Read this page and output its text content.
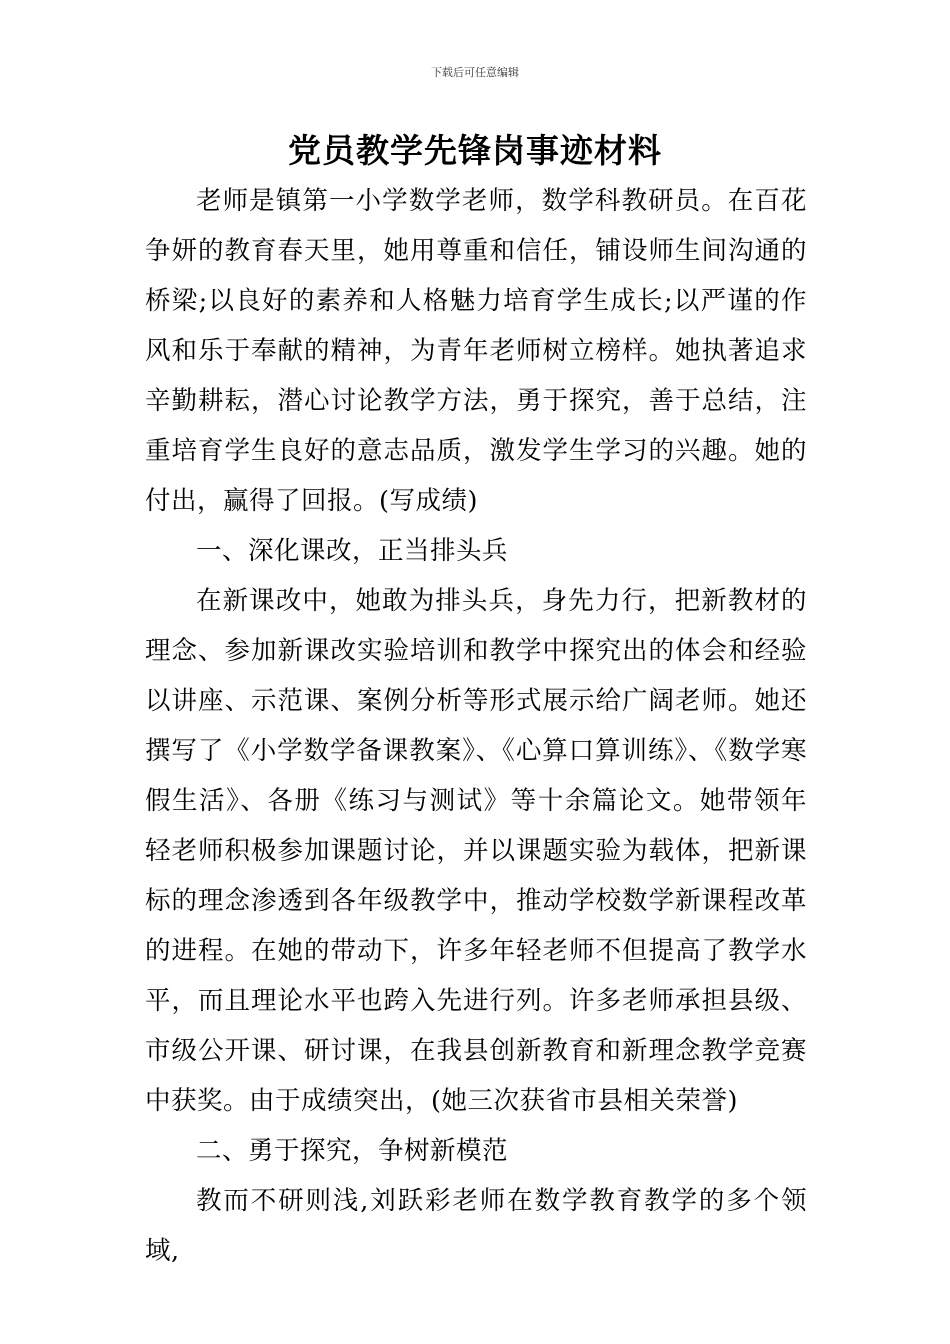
下载后可任意编辑
党员教学先锋岗事迹材料

老师是镇第一小学数学老师，数学科教研员。在百花争妍的教育春天里，她用尊重和信任，铺设师生间沟通的桥梁;以良好的素养和人格魅力培育学生成长;以严谨的作风和乐于奉献的精神，为青年老师树立榜样。她执著追求辛勤耕耘，潜心讨论教学方法，勇于探究，善于总结，注重培育学生良好的意志品质，激发学生学习的兴趣。她的付出，赢得了回报。(写成绩)

一、深化课改，正当排头兵

在新课改中，她敢为排头兵，身先力行，把新教材的理念、参加新课改实验培训和教学中探究出的体会和经验以讲座、示范课、案例分析等形式展示给广阔老师。她还撰写了《小学数学备课教案》、《心算口算训练》、《数学寒假生活》、各册《练习与测试》等十余篇论文。她带领年轻老师积极参加课题讨论，并以课题实验为载体，把新课标的理念渗透到各年级教学中，推动学校数学新课程改革的进程。在她的带动下，许多年轻老师不但提高了教学水平，而且理论水平也跨入先进行列。许多老师承担县级、市级公开课、研讨课，在我县创新教育和新理念教学竞赛中获奖。由于成绩突出，(她三次获省市县相关荣誉)

二、勇于探究，争树新模范

教而不研则浅,刘跃彩老师在数学教育教学的多个领域,
